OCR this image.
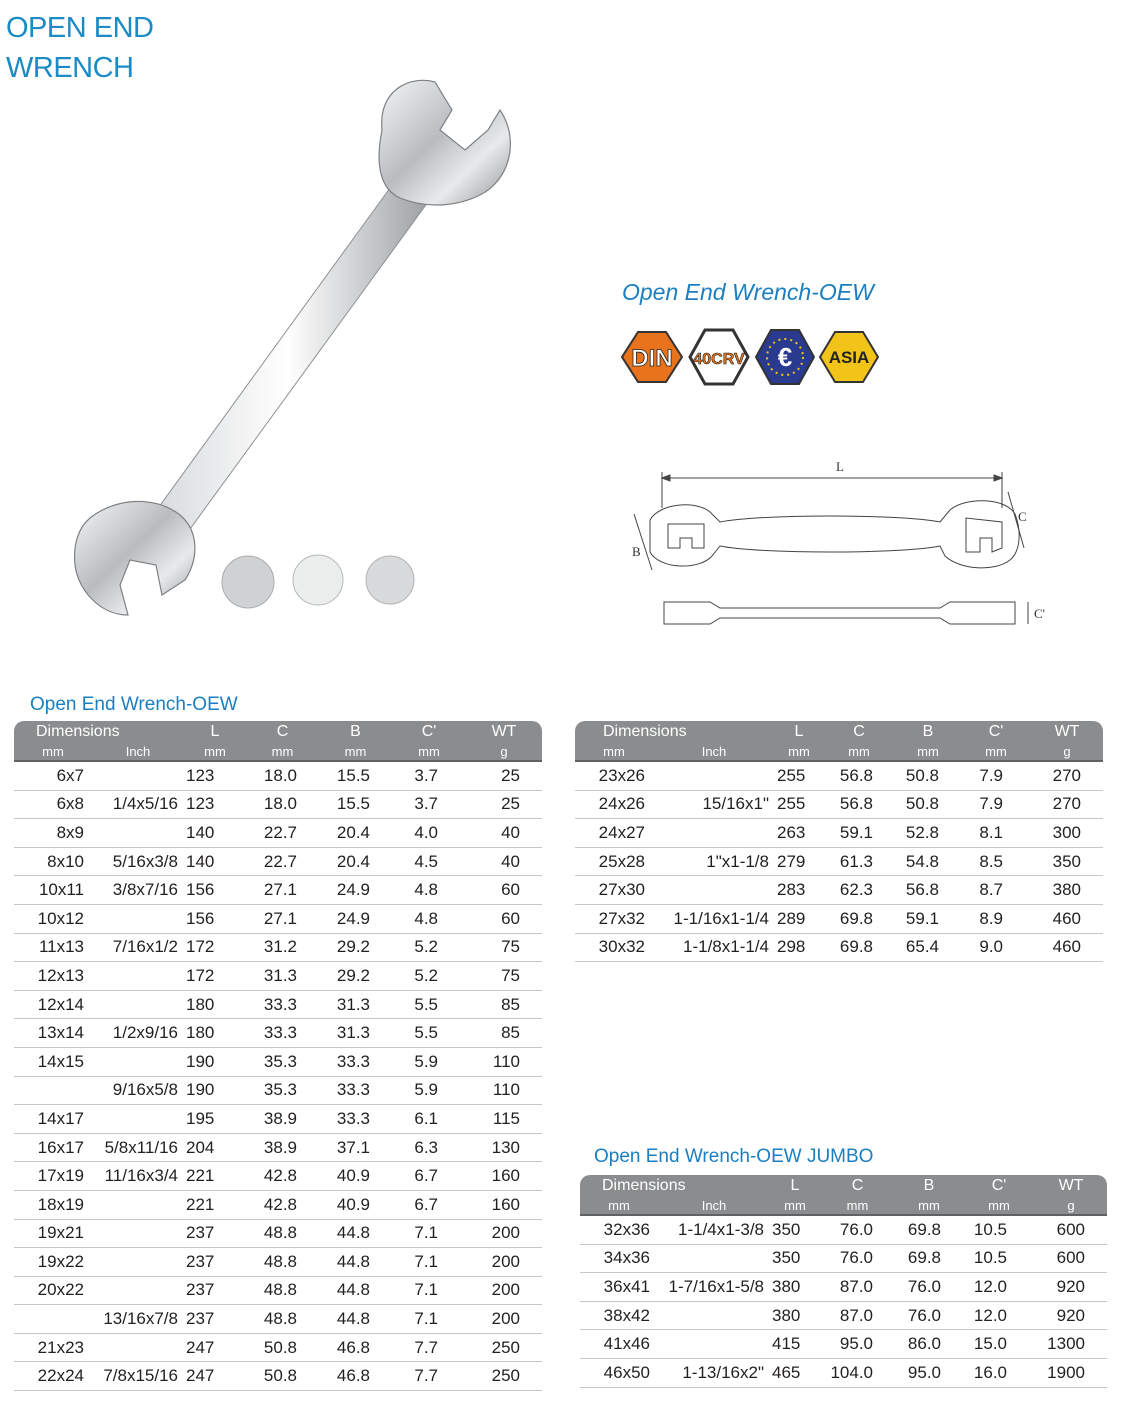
OPEN END
WRENCH
Open End Wrench-OEW
DIN 40CRV € ASIA
L
B
C
C'
Open End Wrench-OEW
Dimensions		L	C	B	C'	WT
mm	Inch	mm	mm	mm	mm	g
6x7		123	18.0	15.5	3.7	25
6x8	1/4x5/16	123	18.0	15.5	3.7	25
8x9		140	22.7	20.4	4.0	40
8x10	5/16x3/8	140	22.7	20.4	4.5	40
10x11	3/8x7/16	156	27.1	24.9	4.8	60
10x12		156	27.1	24.9	4.8	60
11x13	7/16x1/2	172	31.2	29.2	5.2	75
12x13		172	31.3	29.2	5.2	75
12x14		180	33.3	31.3	5.5	85
13x14	1/2x9/16	180	33.3	31.3	5.5	85
14x15		190	35.3	33.3	5.9	110
	9/16x5/8	190	35.3	33.3	5.9	110
14x17		195	38.9	33.3	6.1	115
16x17	5/8x11/16	204	38.9	37.1	6.3	130
17x19	11/16x3/4	221	42.8	40.9	6.7	160
18x19		221	42.8	40.9	6.7	160
19x21		237	48.8	44.8	7.1	200
19x22		237	48.8	44.8	7.1	200
20x22		237	48.8	44.8	7.1	200
	13/16x7/8	237	48.8	44.8	7.1	200
21x23		247	50.8	46.8	7.7	250
22x24	7/8x15/16	247	50.8	46.8	7.7	250
Dimensions		L	C	B	C'	WT
mm	Inch	mm	mm	mm	mm	g
23x26		255	56.8	50.8	7.9	270
24x26	15/16x1"	255	56.8	50.8	7.9	270
24x27		263	59.1	52.8	8.1	300
25x28	1"x1-1/8	279	61.3	54.8	8.5	350
27x30		283	62.3	56.8	8.7	380
27x32	1-1/16x1-1/4	289	69.8	59.1	8.9	460
30x32	1-1/8x1-1/4	298	69.8	65.4	9.0	460
Open End Wrench-OEW JUMBO
Dimensions		L	C	B	C'	WT
mm	Inch	mm	mm	mm	mm	g
32x36	1-1/4x1-3/8	350	76.0	69.8	10.5	600
34x36		350	76.0	69.8	10.5	600
36x41	1-7/16x1-5/8	380	87.0	76.0	12.0	920
38x42		380	87.0	76.0	12.0	920
41x46		415	95.0	86.0	15.0	1300
46x50	1-13/16x2"	465	104.0	95.0	16.0	1900
